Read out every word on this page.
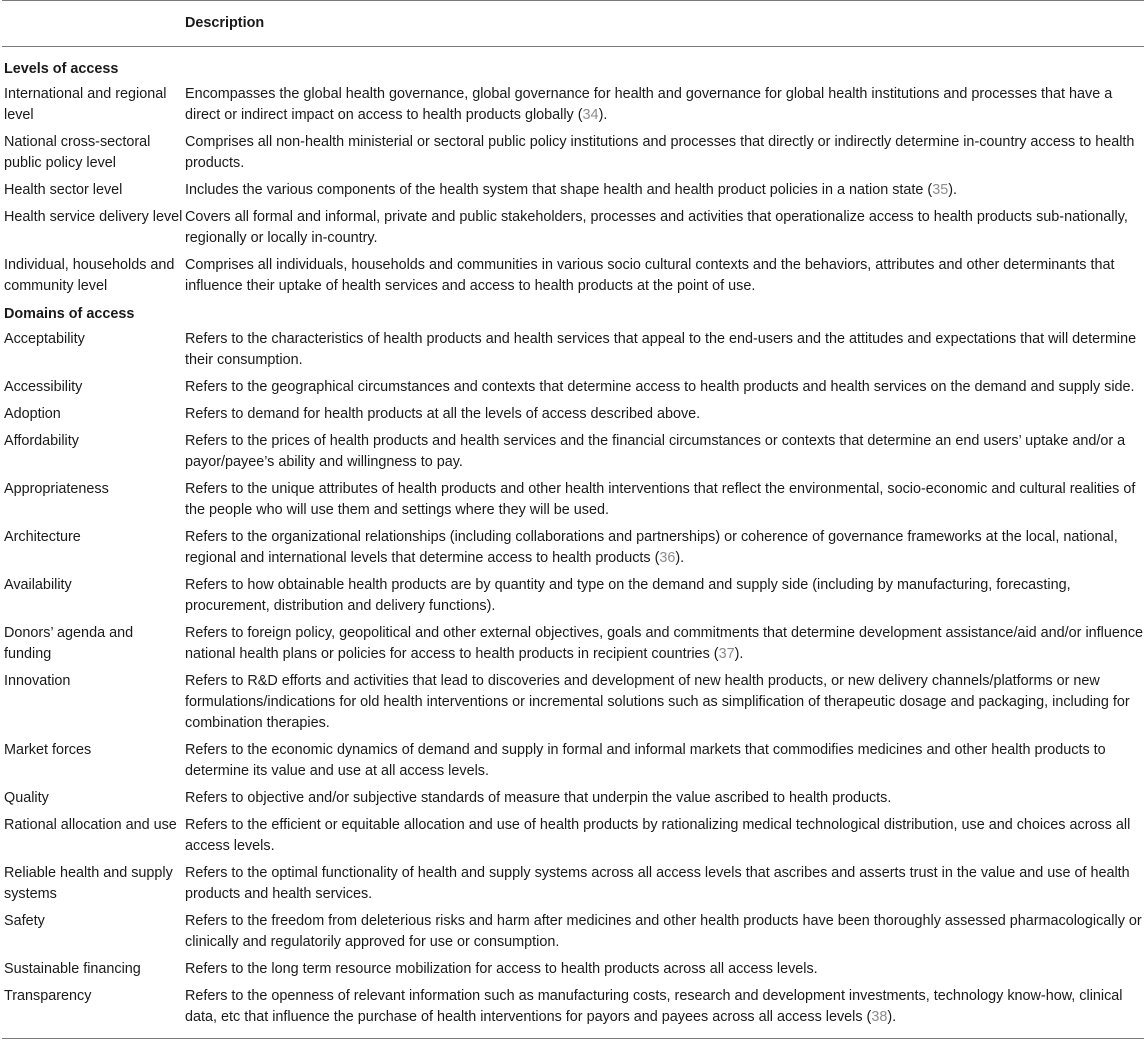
	Description

Levels of access	
International and regional level	Encompasses the global health governance, global governance for health and governance for global health institutions and processes that have a direct or indirect impact on access to health products globally (34).
National cross-sectoral public policy level	Comprises all non-health ministerial or sectoral public policy institutions and processes that directly or indirectly determine in-country access to health products.
Health sector level	Includes the various components of the health system that shape health and health product policies in a nation state (35).
Health service delivery level	Covers all formal and informal, private and public stakeholders, processes and activities that operationalize access to health products sub-nationally, regionally or locally in-country.
Individual, households and community level	Comprises all individuals, households and communities in various socio cultural contexts and the behaviors, attributes and other determinants that influence their uptake of health services and access to health products at the point of use.
Domains of access	
Acceptability	Refers to the characteristics of health products and health services that appeal to the end-users and the attitudes and expectations that will determine their consumption.
Accessibility	Refers to the geographical circumstances and contexts that determine access to health products and health services on the demand and supply side.
Adoption	Refers to demand for health products at all the levels of access described above.
Affordability	Refers to the prices of health products and health services and the financial circumstances or contexts that determine an end users’ uptake and/or a payor/payee’s ability and willingness to pay.
Appropriateness	Refers to the unique attributes of health products and other health interventions that reflect the environmental, socio-economic and cultural realities of the people who will use them and settings where they will be used.
Architecture	Refers to the organizational relationships (including collaborations and partnerships) or coherence of governance frameworks at the local, national, regional and international levels that determine access to health products (36).
Availability	Refers to how obtainable health products are by quantity and type on the demand and supply side (including by manufacturing, forecasting, procurement, distribution and delivery functions).
Donors’ agenda and funding	Refers to foreign policy, geopolitical and other external objectives, goals and commitments that determine development assistance/aid and/or influence national health plans or policies for access to health products in recipient countries (37).
Innovation	Refers to R&D efforts and activities that lead to discoveries and development of new health products, or new delivery channels/platforms or new formulations/indications for old health interventions or incremental solutions such as simplification of therapeutic dosage and packaging, including for combination therapies.
Market forces	Refers to the economic dynamics of demand and supply in formal and informal markets that commodifies medicines and other health products to determine its value and use at all access levels.
Quality	Refers to objective and/or subjective standards of measure that underpin the value ascribed to health products.
Rational allocation and use	Refers to the efficient or equitable allocation and use of health products by rationalizing medical technological distribution, use and choices across all access levels.
Reliable health and supply systems	Refers to the optimal functionality of health and supply systems across all access levels that ascribes and asserts trust in the value and use of health products and health services.
Safety	Refers to the freedom from deleterious risks and harm after medicines and other health products have been thoroughly assessed pharmacologically or clinically and regulatorily approved for use or consumption.
Sustainable financing	Refers to the long term resource mobilization for access to health products across all access levels.
Transparency	Refers to the openness of relevant information such as manufacturing costs, research and development investments, technology know-how, clinical data, etc that influence the purchase of health interventions for payors and payees across all access levels (38).
